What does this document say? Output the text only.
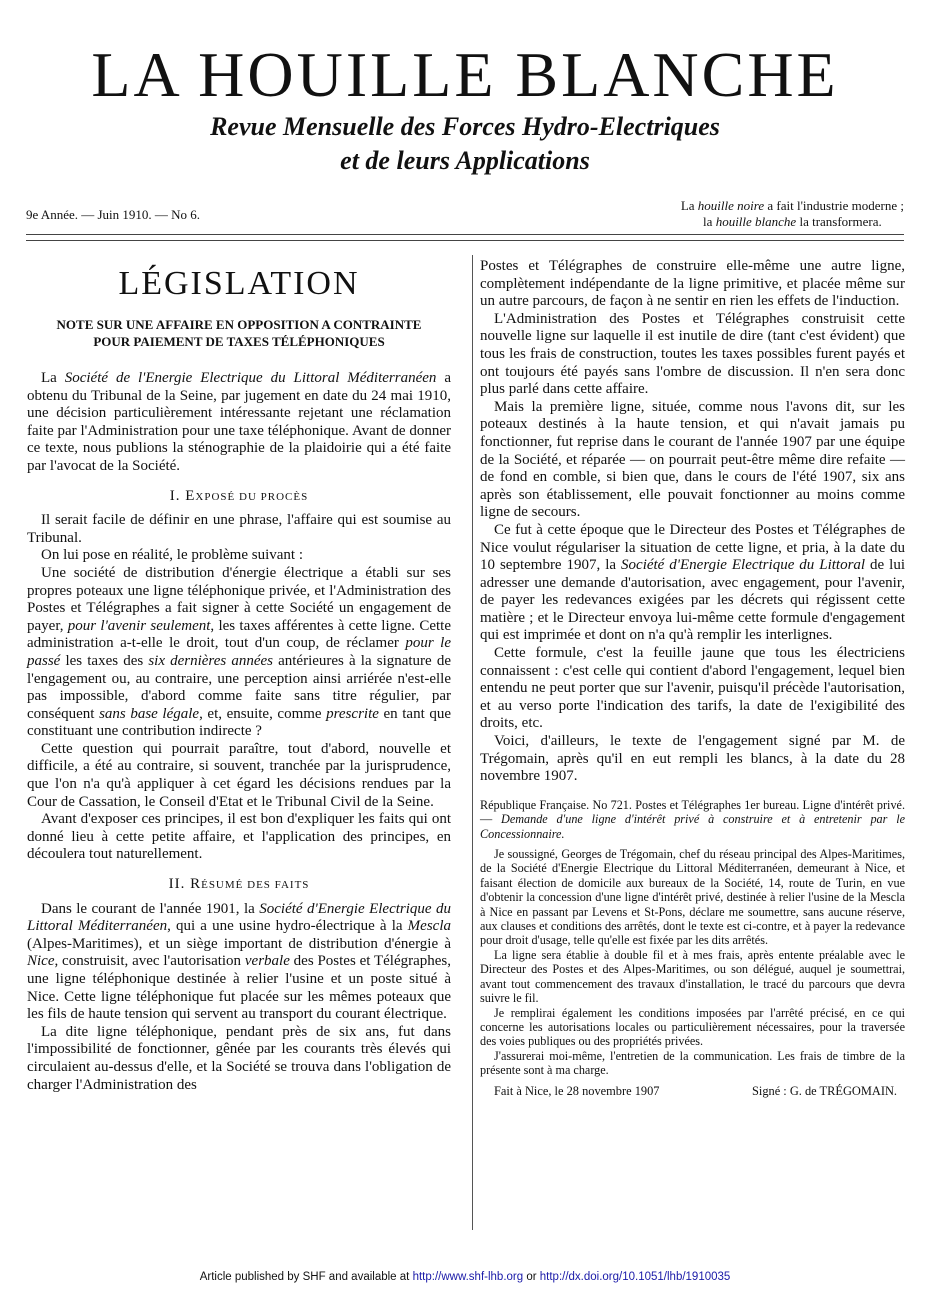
LA HOUILLE BLANCHE
Revue Mensuelle des Forces Hydro-Electriques
et de leurs Applications
9e Année. — Juin 1910. — No 6.
La houille noire a fait l'industrie moderne ;
la houille blanche la transformera.
LÉGISLATION
NOTE SUR UNE AFFAIRE EN OPPOSITION A CONTRAINTE
POUR PAIEMENT DE TAXES TÉLÉPHONIQUES

La Société de l'Energie Electrique du Littoral Méditerranéen a obtenu du Tribunal de la Seine, par jugement en date du 24 mai 1910, une décision particulièrement intéressante rejetant une réclamation faite par l'Administration pour une taxe téléphonique. Avant de donner ce texte, nous publions la sténographie de la plaidoirie qui a été faite par l'avocat de la Société.

I. EXPOSÉ DU PROCÈS

Il serait facile de définir en une phrase, l'affaire qui est soumise au Tribunal.

On lui pose en réalité, le problème suivant :

Une société de distribution d'énergie électrique a établi sur ses propres poteaux une ligne téléphonique privée, et l'Administration des Postes et Télégraphes a fait signer à cette Société un engagement de payer, pour l'avenir seulement, les taxes afférentes à cette ligne. Cette administration a-t-elle le droit, tout d'un coup, de réclamer pour le passé les taxes des six dernières années antérieures à la signature de l'engagement ou, au contraire, une perception ainsi arriérée n'est-elle pas impossible, d'abord comme faite sans titre régulier, par conséquent sans base légale, et, ensuite, comme prescrite en tant que constituant une contribution indirecte ?

Cette question qui pourrait paraître, tout d'abord, nouvelle et difficile, a été au contraire, si souvent, tranchée par la jurisprudence, que l'on n'a qu'à appliquer à cet égard les décisions rendues par la Cour de Cassation, le Conseil d'Etat et le Tribunal Civil de la Seine.

Avant d'exposer ces principes, il est bon d'expliquer les faits qui ont donné lieu à cette petite affaire, et l'application des principes, en découlera tout naturellement.

II. RÉSUMÉ DES FAITS

Dans le courant de l'année 1901, la Société d'Energie Electrique du Littoral Méditerranéen, qui a une usine hydro-électrique à la Mescla (Alpes-Maritimes), et un siège important de distribution d'énergie à Nice, construisit, avec l'autorisation verbale des Postes et Télégraphes, une ligne téléphonique destinée à relier l'usine et un poste situé à Nice. Cette ligne téléphonique fut placée sur les mêmes poteaux que les fils de haute tension qui servent au transport du courant électrique.

La dite ligne téléphonique, pendant près de six ans, fut dans l'impossibilité de fonctionner, gênée par les courants très élevés qui circulaient au-dessus d'elle, et la Société se trouva dans l'obligation de charger l'Administration des

Postes et Télégraphes de construire elle-même une autre ligne, complètement indépendante de la ligne primitive, et placée même sur un autre parcours, de façon à ne sentir en rien les effets de l'induction.

L'Administration des Postes et Télégraphes construisit cette nouvelle ligne sur laquelle il est inutile de dire (tant c'est évident) que tous les frais de construction, toutes les taxes possibles furent payés et ont toujours été payés sans l'ombre de discussion. Il n'en sera donc plus parlé dans cette affaire.

Mais la première ligne, située, comme nous l'avons dit, sur les poteaux destinés à la haute tension, et qui n'avait jamais pu fonctionner, fut reprise dans le courant de l'année 1907 par une équipe de la Société, et réparée — on pourrait peut-être même dire refaite — de fond en comble, si bien que, dans le cours de l'été 1907, six ans après son établissement, elle pouvait fonctionner au moins comme ligne de secours.

Ce fut à cette époque que le Directeur des Postes et Télégraphes de Nice voulut régulariser la situation de cette ligne, et pria, à la date du 10 septembre 1907, la Société d'Energie Electrique du Littoral de lui adresser une demande d'autorisation, avec engagement, pour l'avenir, de payer les redevances exigées par les décrets qui régissent cette matière ; et le Directeur envoya lui-même cette formule d'engagement qui est imprimée et dont on n'a qu'à remplir les interlignes.

Cette formule, c'est la feuille jaune que tous les électriciens connaissent : c'est celle qui contient d'abord l'engagement, lequel bien entendu ne peut porter que sur l'avenir, puisqu'il précède l'autorisation, et au verso porte l'indication des tarifs, la date de l'exigibilité des droits, etc.

Voici, d'ailleurs, le texte de l'engagement signé par M. de Trégomain, après qu'il en eut rempli les blancs, à la date du 28 novembre 1907.

République Française. No 721. Postes et Télégraphes 1er bureau. Ligne d'intérêt privé. — Demande d'une ligne d'intérêt privé à construire et à entretenir par le Concessionnaire.

Je soussigné, Georges de Trégomain, chef du réseau principal des Alpes-Maritimes, de la Société d'Energie Electrique du Littoral Méditerranéen, demeurant à Nice, et faisant élection de domicile aux bureaux de la Société, 14, route de Turin, en vue d'obtenir la concession d'une ligne d'intérêt privé, destinée à relier l'usine de la Mescla à Nice en passant par Levens et St-Pons, déclare me soumettre, sans aucune réserve, aux clauses et conditions des arrêtés, dont le texte est ci-contre, et à payer la redevance pour droit d'usage, telle qu'elle est fixée par les dits arrêtés.

La ligne sera établie à double fil et à mes frais, après entente préalable avec le Directeur des Postes et des Alpes-Maritimes, ou son délégué, auquel je soumettrai, avant tout commencement des travaux d'installation, le tracé du parcours que devra suivre le fil.

Je remplirai également les conditions imposées par l'arrêté précisé, en ce qui concerne les autorisations locales ou particulièrement nécessaires, pour la traversée des voies publiques ou des propriétés privées.

J'assurerai moi-même, l'entretien de la communication. Les frais de timbre de la présente sont à ma charge.

Fait à Nice, le 28 novembre 1907	Signé : G. de TRÉGOMAIN.
Article published by SHF and available at http://www.shf-lhb.org or http://dx.doi.org/10.1051/lhb/1910035
